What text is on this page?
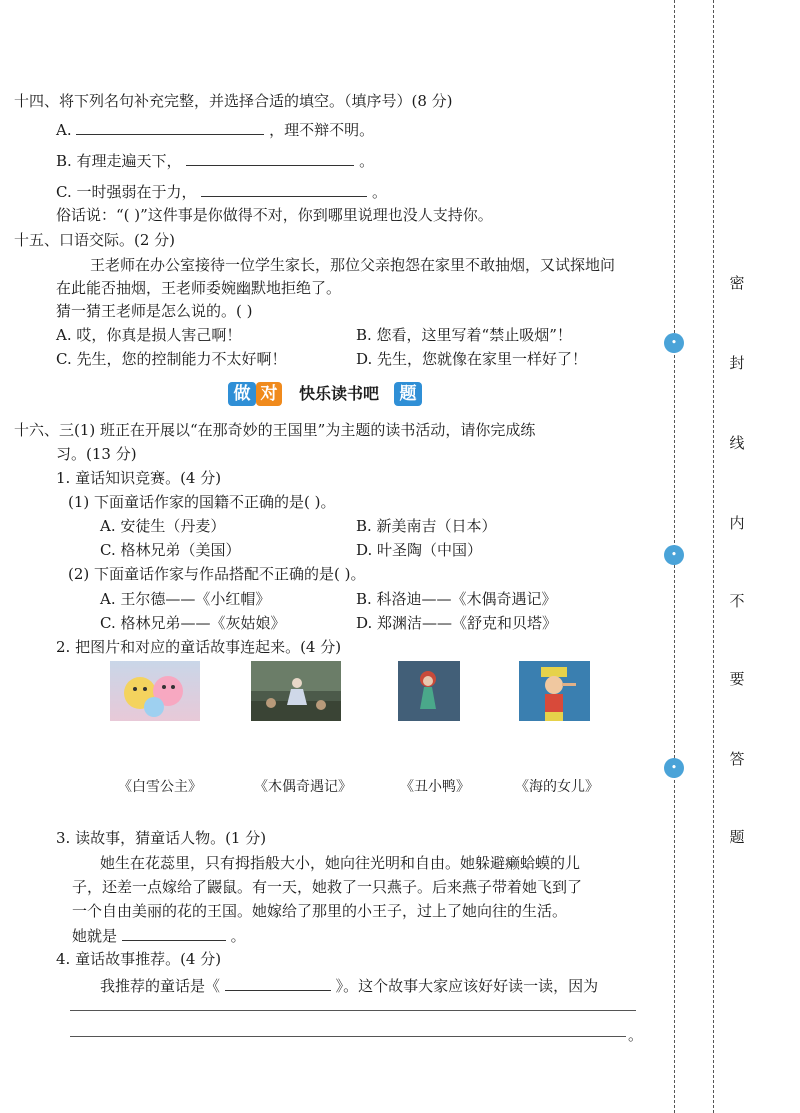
十四、将下列名句补充完整，并选择合适的填空。（填序号）(8 分)
A.	，理不辩不明。
B. 有理走遍天下，	。
C. 一时强弱在于力，	。
俗话说：“( )”这件事是你做得不对，你到哪里说理也没人支持你。
十五、口语交际。(2 分)
王老师在办公室接待一位学生家长，那位父亲抱怨在家里不敢抽烟，又试探地问
在此能否抽烟，王老师委婉幽默地拒绝了。
猜一猜王老师是怎么说的。( )
A. 哎，你真是损人害己啊！	B. 您看，这里写着“禁止吸烟”！
C. 先生，您的控制能力不太好啊！	D. 先生，您就像在家里一样好了！
做 对	快乐读书吧	题
十六、三(1) 班正在开展以“在那奇妙的王国里”为主题的读书活动，请你完成练
习。(13 分)
1. 童话知识竞赛。(4 分)
(1) 下面童话作家的国籍不正确的是( )。
A. 安徒生（丹麦）	B. 新美南吉（日本）
C. 格林兄弟（美国）	D. 叶圣陶（中国）
(2) 下面童话作家与作品搭配不正确的是( )。
A. 王尔德——《小红帽》	B. 科洛迪——《木偶奇遇记》
C. 格林兄弟——《灰姑娘》	D. 郑渊洁——《舒克和贝塔》
2. 把图片和对应的童话故事连起来。(4 分)
《白雪公主》	《木偶奇遇记》	《丑小鸭》	《海的女儿》
3. 读故事，猜童话人物。(1 分)
她生在花蕊里，只有拇指般大小，她向往光明和自由。她躲避癞蛤蟆的儿
子，还差一点嫁给了鼹鼠。有一天，她救了一只燕子。后来燕子带着她飞到了
一个自由美丽的花的王国。她嫁给了那里的小王子，过上了她向往的生活。
她就是	。
4. 童话故事推荐。(4 分)
我推荐的童话是《	》。这个故事大家应该好好读一读，因为
。
•
•
•
密
封
线
内
不
要
答
题
